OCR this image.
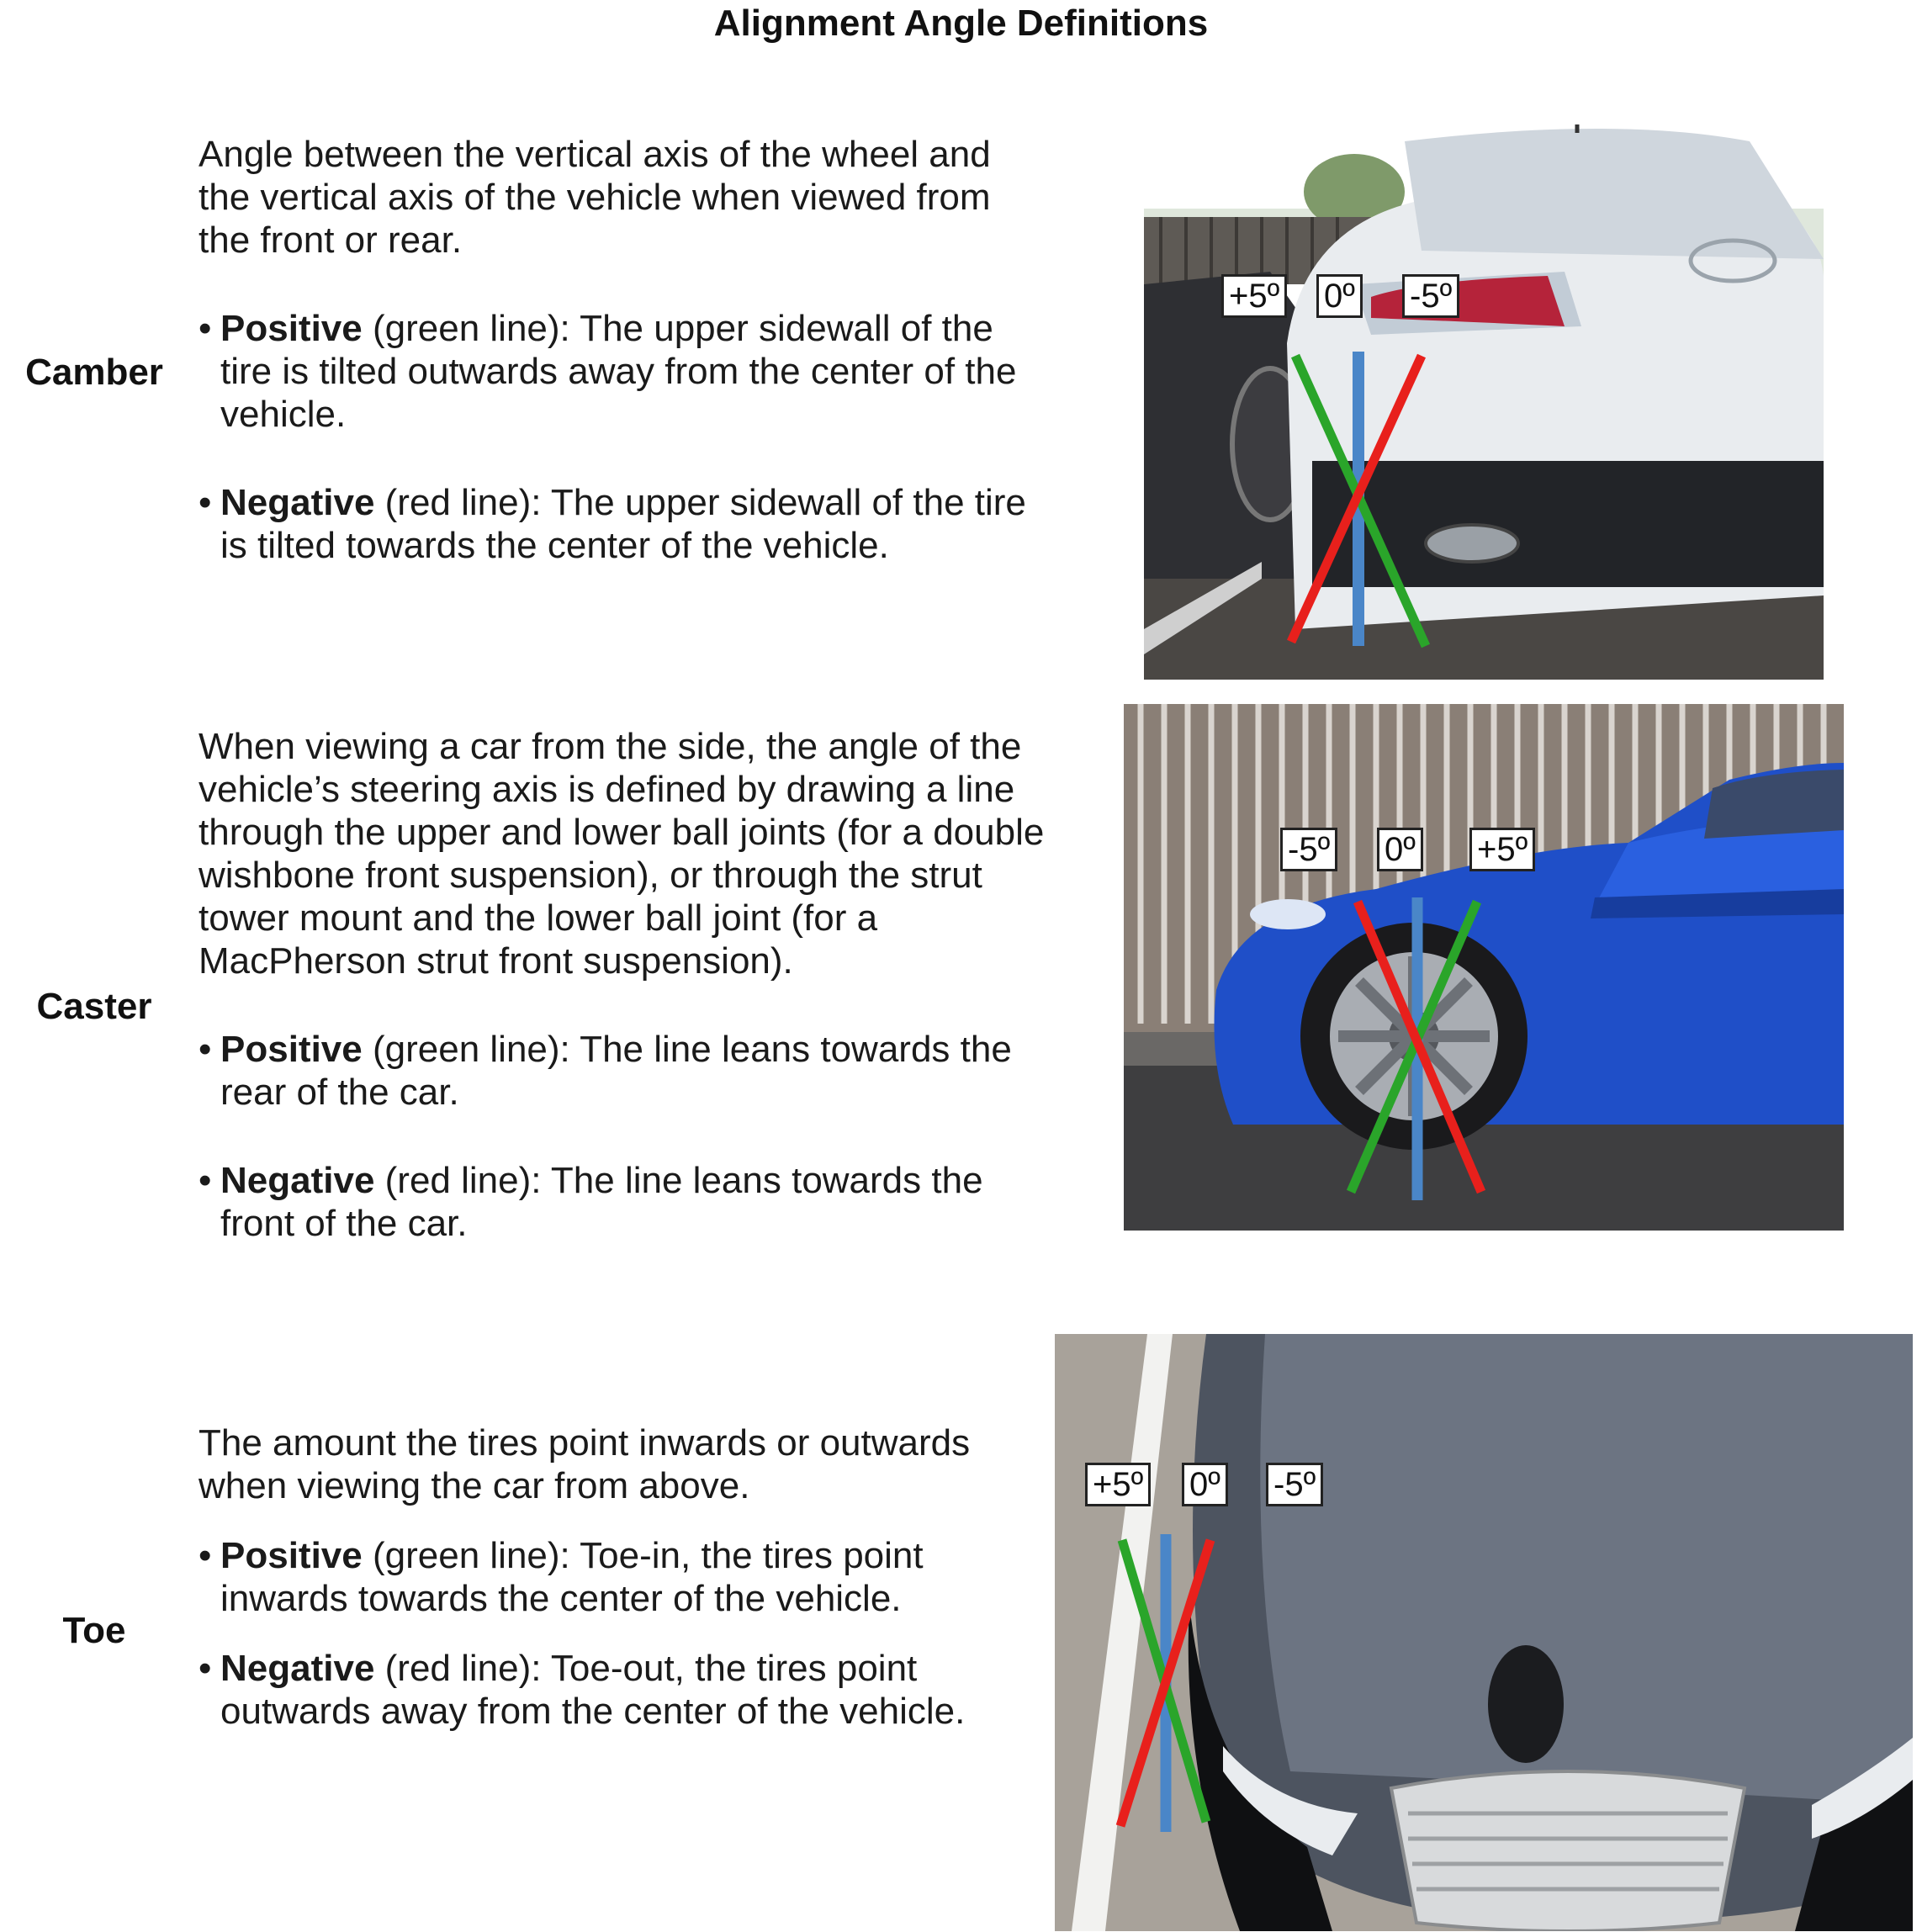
Alignment Angle Definitions
Camber

Angle between the vertical axis of the wheel and the vertical axis of the vehicle when viewed from the front or rear.

• Positive (green line): The upper sidewall of the tire is tilted outwards away from the center of the vehicle.

• Negative (red line): The upper sidewall of the tire is tilted towards the center of the vehicle.

+5º 0º -5º
Caster

When viewing a car from the side, the angle of the vehicle’s steering axis is defined by drawing a line through the upper and lower ball joints (for a double wishbone front suspension), or through the strut tower mount and the lower ball joint (for a MacPherson strut front suspension).

• Positive (green line): The line leans towards the rear of the car.

• Negative (red line): The line leans towards the front of the car.

-5º 0º +5º
Toe

The amount the tires point inwards or outwards when viewing the car from above.

• Positive (green line): Toe-in, the tires point inwards towards the center of the vehicle.

• Negative (red line): Toe-out, the tires point outwards away from the center of the vehicle.

+5º 0º -5º
